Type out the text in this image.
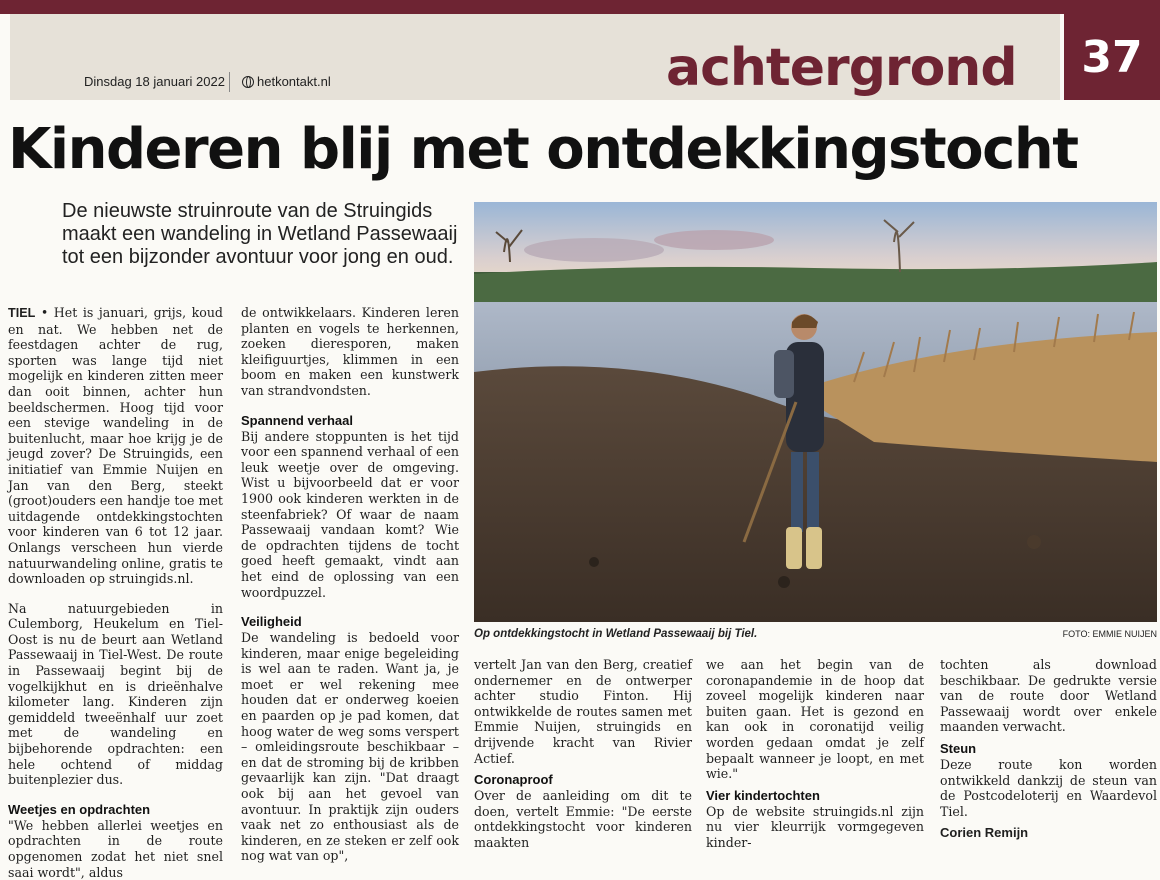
Dinsdag 18 januari 2022 hetkontakt.nl	achtergrond	37
Kinderen blij met ontdekkingstocht
De nieuwste struinroute van de Struingids maakt een wandeling in Wetland Passewaaij tot een bijzonder avontuur voor jong en oud.
Op ontdekkingstocht in Wetland Passewaaij bij Tiel.	FOTO: EMMIE NUIJEN

TIEL • Het is januari, grijs, koud en nat. We hebben net de feestdagen achter de rug, sporten was lange tijd niet mogelijk en kinderen zitten meer dan ooit binnen, achter hun beeldschermen. Hoog tijd voor een stevige wandeling in de buitenlucht, maar hoe krijg je de jeugd zover? De Struingids, een initiatief van Emmie Nuijen en Jan van den Berg, steekt (groot)ouders een handje toe met uitdagende ontdekkingstochten voor kinderen van 6 tot 12 jaar. Onlangs verscheen hun vierde natuurwandeling online, gratis te downloaden op struingids.nl.

Na natuurgebieden in Culemborg, Heukelum en Tiel-Oost is nu de beurt aan Wetland Passewaaij in Tiel-West. De route in Passewaaij begint bij de vogelkijkhut en is drieënhalve kilometer lang. Kinderen zijn gemiddeld tweeënhalf uur zoet met de wandeling en bijbehorende opdrachten: een hele ochtend of middag buitenplezier dus.

Weetjes en opdrachten

"We hebben allerlei weetjes en opdrachten in de route opgenomen zodat het niet snel saai wordt", aldus

de ontwikkelaars. Kinderen leren planten en vogels te herkennen, zoeken dieresporen, maken kleifiguurtjes, klimmen in een boom en maken een kunstwerk van strandvondsten.

Spannend verhaal

Bij andere stoppunten is het tijd voor een spannend verhaal of een leuk weetje over de omgeving. Wist u bijvoorbeeld dat er voor 1900 ook kinderen werkten in de steenfabriek? Of waar de naam Passewaaij vandaan komt? Wie de opdrachten tijdens de tocht goed heeft gemaakt, vindt aan het eind de oplossing van een woordpuzzel.

Veiligheid

De wandeling is bedoeld voor kinderen, maar enige begeleiding is wel aan te raden. Want ja, je moet er wel rekening mee houden dat er onderweg koeien en paarden op je pad komen, dat hoog water de weg soms verspert – omleidingsroute beschikbaar – en dat de stroming bij de kribben gevaarlijk kan zijn. "Dat draagt ook bij aan het gevoel van avontuur. In praktijk zijn ouders vaak net zo enthousiast als de kinderen, en ze steken er zelf ook nog wat van op",

vertelt Jan van den Berg, creatief ondernemer en de ontwerper achter studio Finton. Hij ontwikkelde de routes samen met Emmie Nuijen, struingids en drijvende kracht van Rivier Actief.

Coronaproof

Over de aanleiding om dit te doen, vertelt Emmie: "De eerste ontdekkingstocht voor kinderen maakten

we aan het begin van de coronapandemie in de hoop dat zoveel mogelijk kinderen naar buiten gaan. Het is gezond en kan ook in coronatijd veilig worden gedaan omdat je zelf bepaalt wanneer je loopt, en met wie."

Vier kindertochten

Op de website struingids.nl zijn nu vier kleurrijk vormgegeven kinder-

tochten als download beschikbaar. De gedrukte versie van de route door Wetland Passewaaij wordt over enkele maanden verwacht.

Steun

Deze route kon worden ontwikkeld dankzij de steun van de Postcodeloterij en Waardevol Tiel.

Corien Remijn
